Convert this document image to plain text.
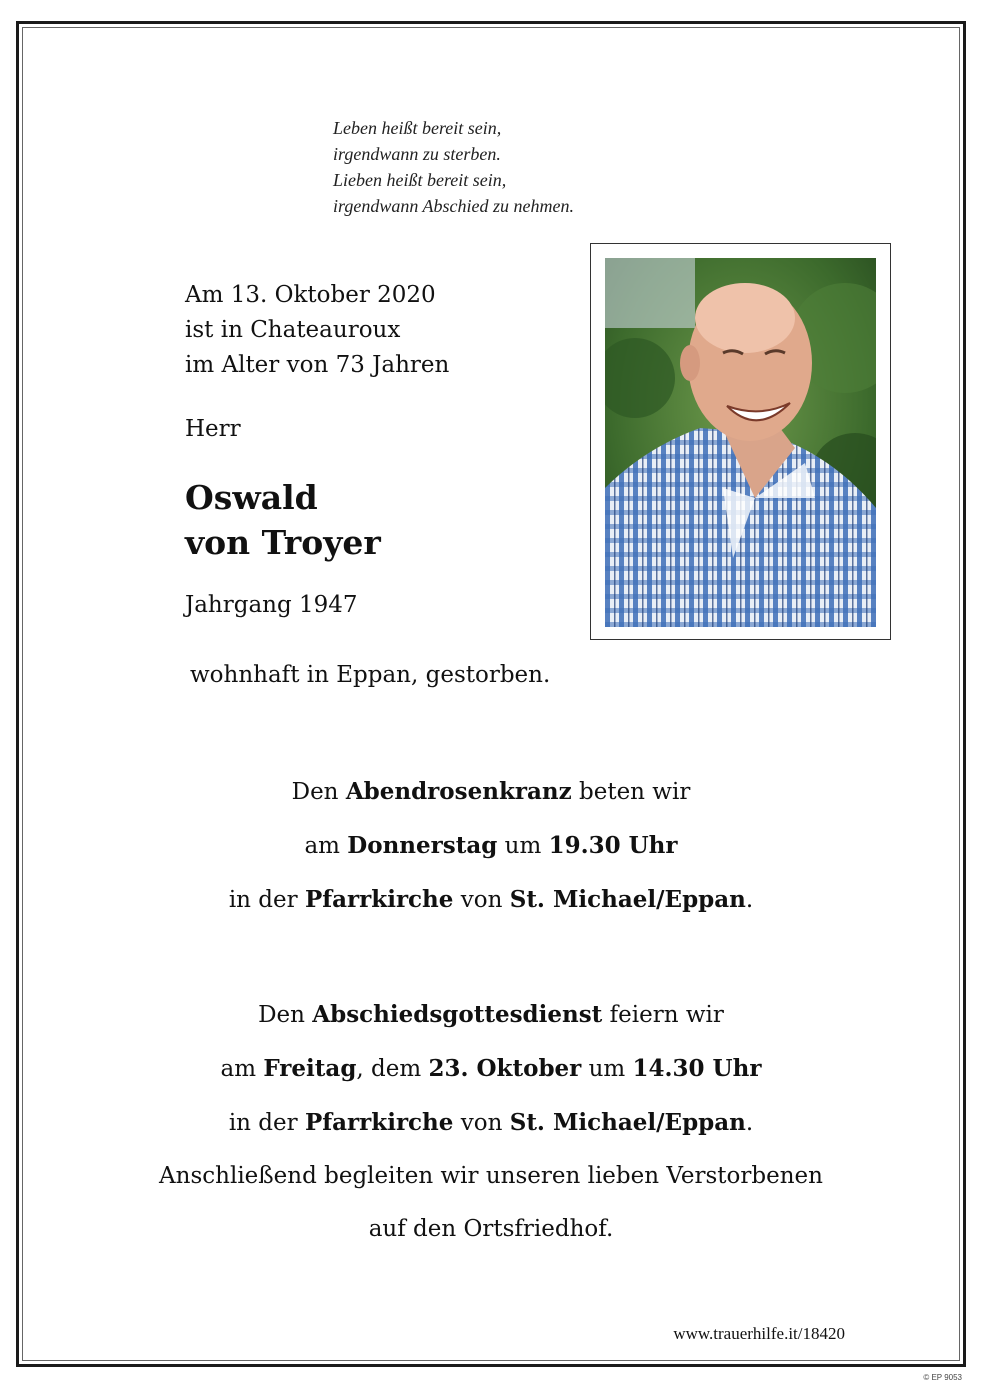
Leben heißt bereit sein,
irgendwann zu sterben.
Lieben heißt bereit sein,
irgendwann Abschied zu nehmen.
Am 13. Oktober 2020
ist in Chateauroux
im Alter von 73 Jahren
Herr
Oswald
von Troyer
Jahrgang 1947
wohnhaft in Eppan, gestorben.
Den Abendrosenkranz beten wir
am Donnerstag um 19.30 Uhr
in der Pfarrkirche von St. Michael/Eppan.
Den Abschiedsgottesdienst feiern wir
am Freitag, dem 23. Oktober um 14.30 Uhr
in der Pfarrkirche von St. Michael/Eppan.
Anschließend begleiten wir unseren lieben Verstorbenen
auf den Ortsfriedhof.
www.trauerhilfe.it/18420
© EP 9053
